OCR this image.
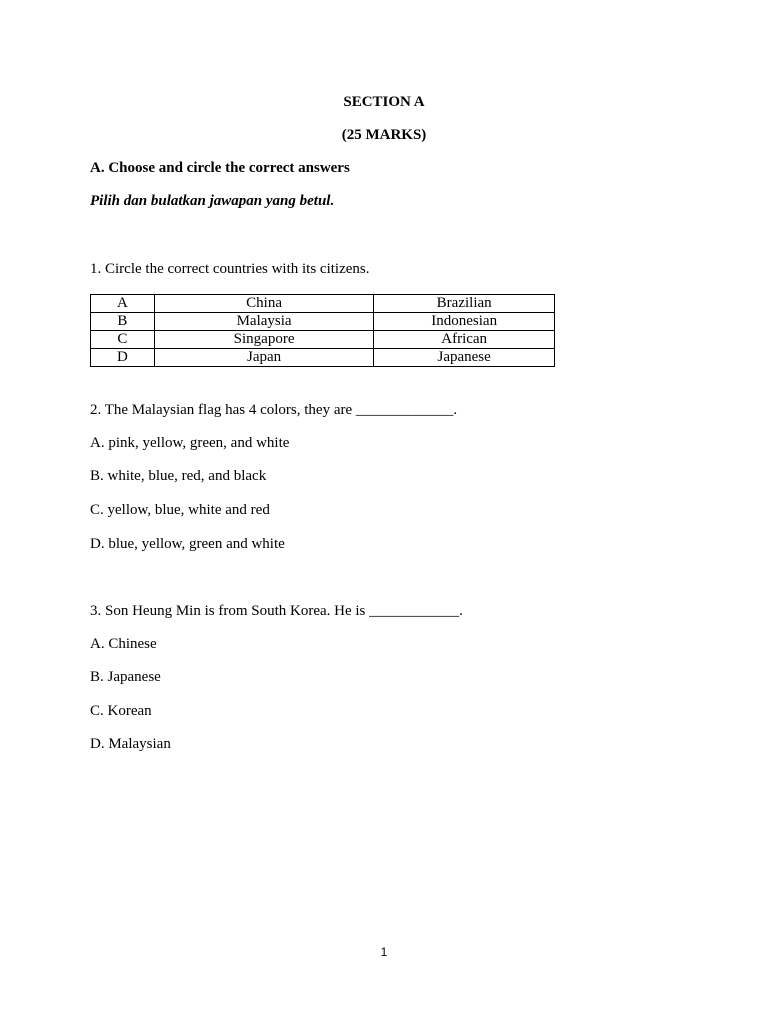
SECTION A
(25 MARKS)
A. Choose and circle the correct answers
Pilih dan bulatkan jawapan yang betul.
1. Circle the correct countries with its citizens.
A	China	Brazilian
B	Malaysia	Indonesian
C	Singapore	African
D	Japan	Japanese
2. The Malaysian flag has 4 colors, they are _____________.
A. pink, yellow, green, and white
B. white, blue, red, and black
C. yellow, blue, white and red
D. blue, yellow, green and white
3. Son Heung Min is from South Korea. He is ____________.
A. Chinese
B. Japanese
C. Korean
D. Malaysian
1
